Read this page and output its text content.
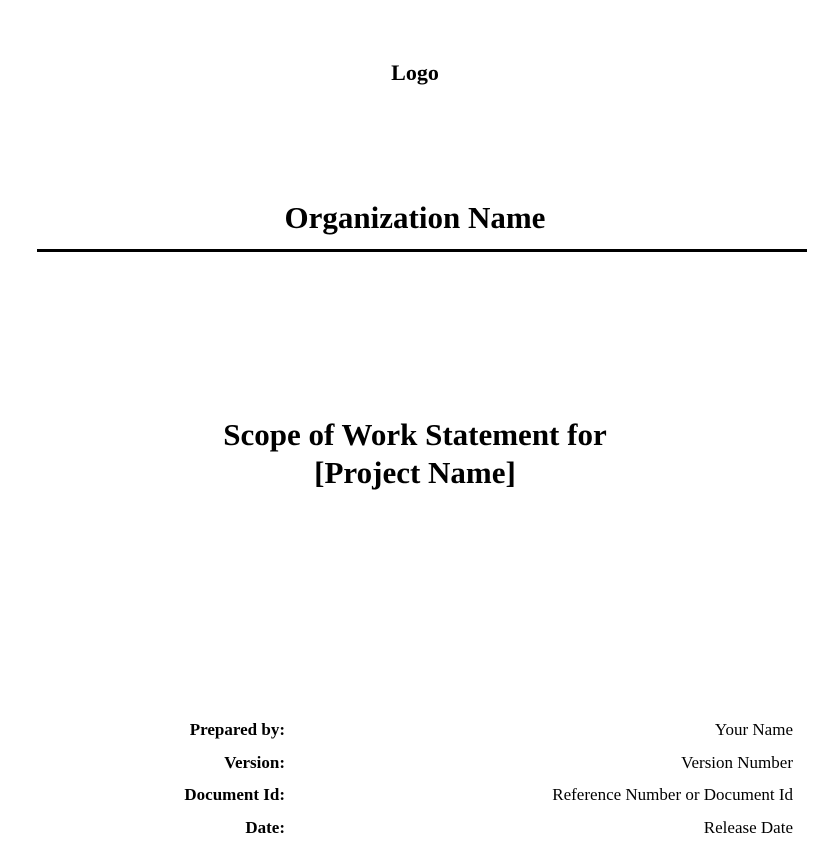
Logo
Organization Name
Scope of Work Statement for
[Project Name]
Prepared by:	Your Name
Version:	Version Number
Document Id:	Reference Number or Document Id
Date:	Release Date
